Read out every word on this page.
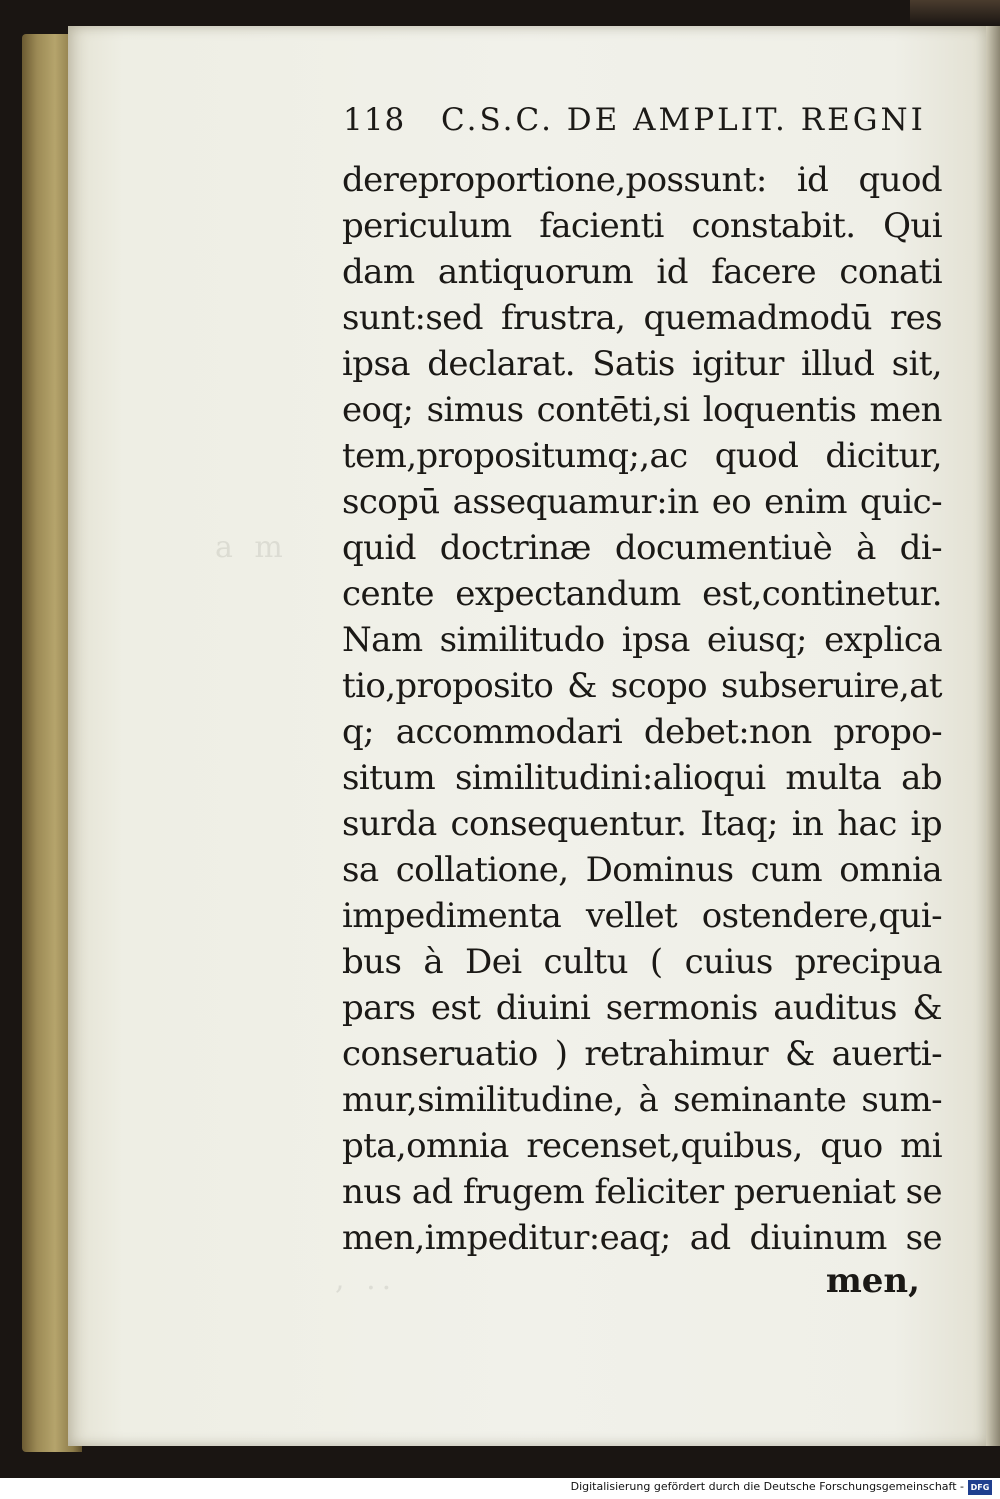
a m
, ..
118 C.S.C. DE AMPLIT. REGNI
dereproportione,possunt: id quod
periculum facienti constabit. Qui
dam antiquorum id facere conati
sunt:sed frustra, quemadmodū res
ipsa declarat. Satis igitur illud sit,
eoq; simus contēti,si loquentis men
tem,propositumq;,ac quod dicitur,
scopū assequamur:in eo enim quic-
quid doctrinæ documentiuè à di-
cente expectandum est,continetur.
Nam similitudo ipsa eiusq; explica
tio,proposito & scopo subseruire,at
q; accommodari debet:non propo-
situm similitudini:alioqui multa ab
surda consequentur. Itaq; in hac ip
sa collatione, Dominus cum omnia
impedimenta vellet ostendere,qui-
bus à Dei cultu ( cuius precipua
pars est diuini sermonis auditus &
conseruatio ) retrahimur & auerti-
mur,similitudine, à seminante sum-
pta,omnia recenset,quibus, quo mi
nus ad frugem feliciter perueniat se
men,impeditur:eaq; ad diuinum se
men,
Digitalisierung gefördert durch die Deutsche Forschungsgemeinschaft - DFG
